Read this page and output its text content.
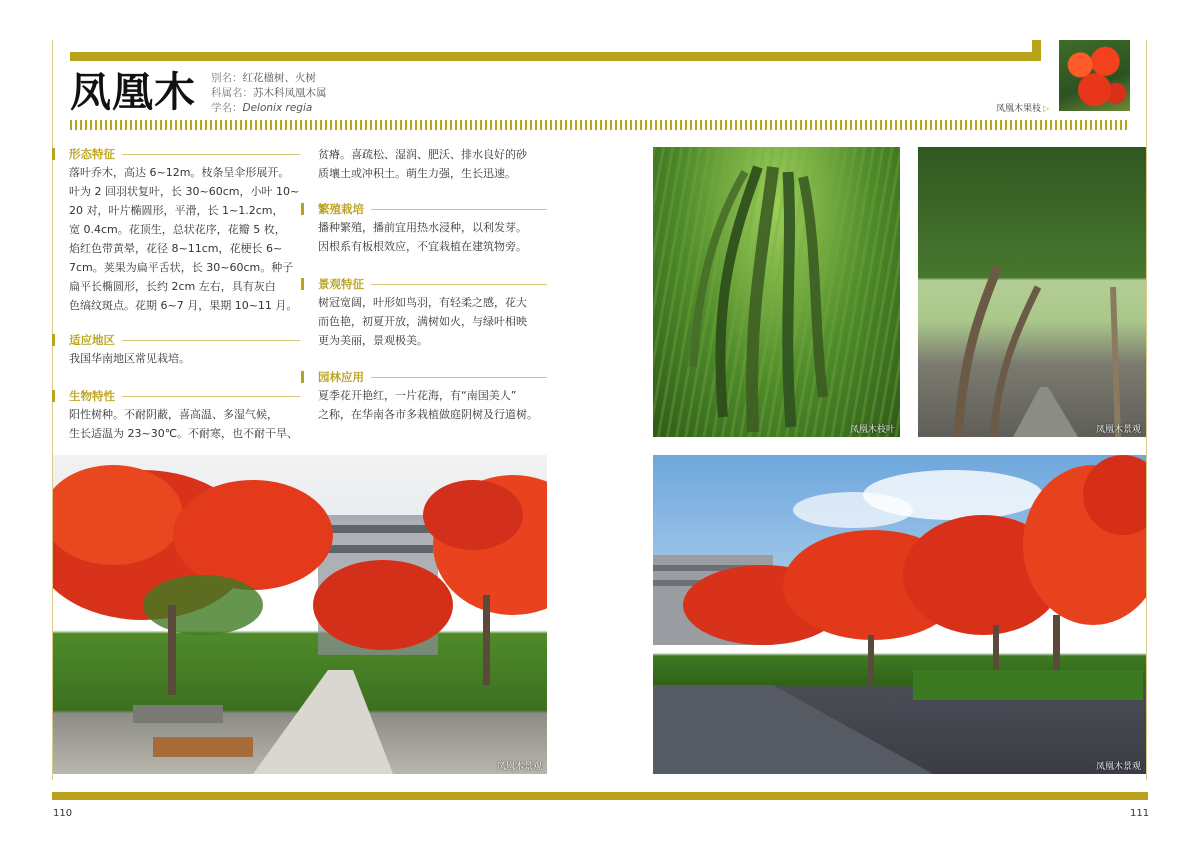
凤凰木 别名：红花楹树、火树
科属名：苏木科凤凰木属
学名：Delonix regia	凤凰木果枝 ▷
形态特征
落叶乔木，高达 6~12m。枝条呈伞形展开。
叶为 2 回羽状复叶，长 30~60cm，小叶 10~
20 对，叶片椭圆形，平滑，长 1~1.2cm，
宽 0.4cm。花顶生，总状花序，花瓣 5 枚，
焰红色带黄晕，花径 8~11cm，花梗长 6~
7cm。荚果为扁平舌状，长 30~60cm。种子
扁平长椭圆形，长约 2cm 左右，具有灰白
色缟纹斑点。花期 6~7 月，果期 10~11 月。
适应地区
我国华南地区常见栽培。
生物特性
阳性树种。不耐阴蔽，喜高温、多湿气候，
生长适温为 23~30℃。不耐寒，也不耐干旱、
贫瘠。喜疏松、湿润、肥沃、排水良好的砂
质壤土或冲积土。萌生力强，生长迅速。
繁殖栽培
播种繁殖，播前宜用热水浸种，以利发芽。
因根系有板根效应，不宜栽植在建筑物旁。
景观特征
树冠宽阔，叶形如鸟羽，有轻柔之感，花大
而色艳，初夏开放，满树如火，与绿叶相映
更为美丽，景观极美。
园林应用
夏季花开艳红，一片花海，有“南国美人”
之称，在华南各市多栽植做庭阴树及行道树。
凤凰木枝叶	凤凰木景观
凤凰木景观	凤凰木景观
110	111
